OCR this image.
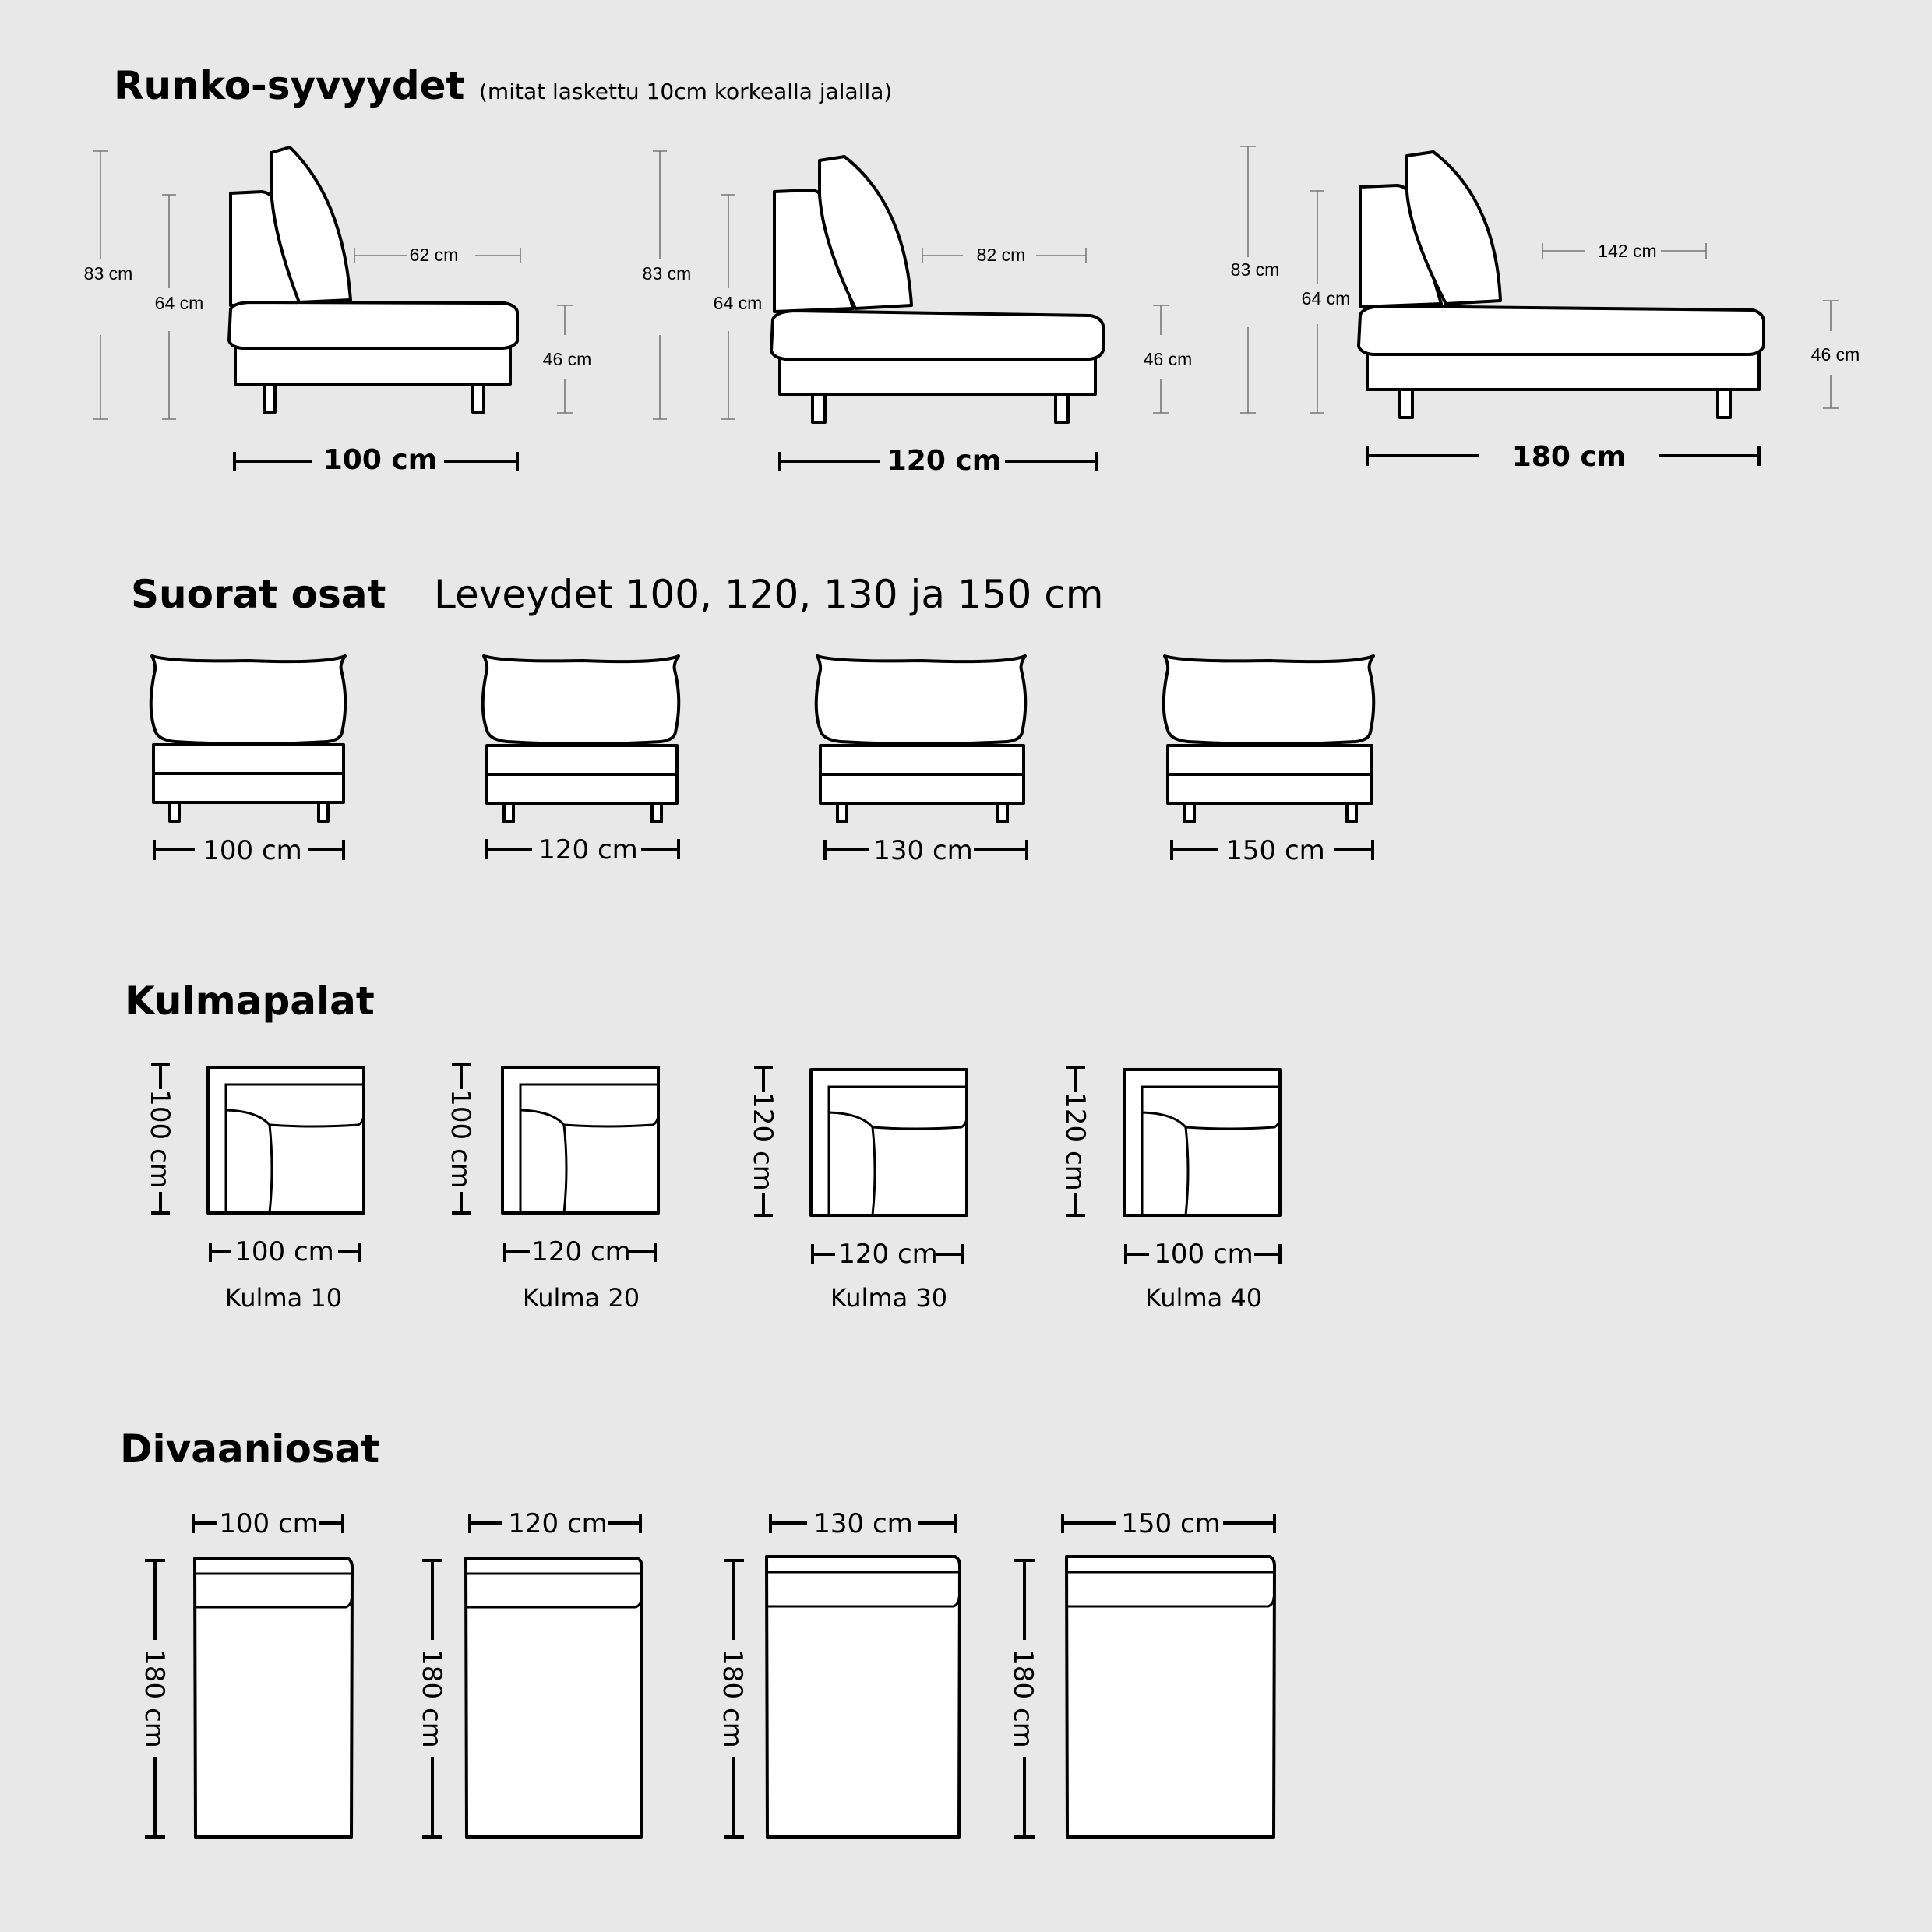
Runko-syvyydet (mitat laskettu 10cm korkealla jalalla)
83 cm
64 cm
62 cm
46 cm
100 cm
83 cm
64 cm
82 cm
46 cm
120 cm
83 cm
64 cm
142 cm
46 cm
180 cm
Suorat osat Leveydet 100, 120, 130 ja 150 cm
100 cm	120 cm	130 cm	150 cm
Kulmapalat
100 cm
100 cm
Kulma 10
100 cm
120 cm
Kulma 20
120 cm
120 cm
Kulma 30
120 cm
100 cm
Kulma 40
Divaaniosat
100 cm
180 cm
120 cm
180 cm
130 cm
180 cm
150 cm
180 cm
